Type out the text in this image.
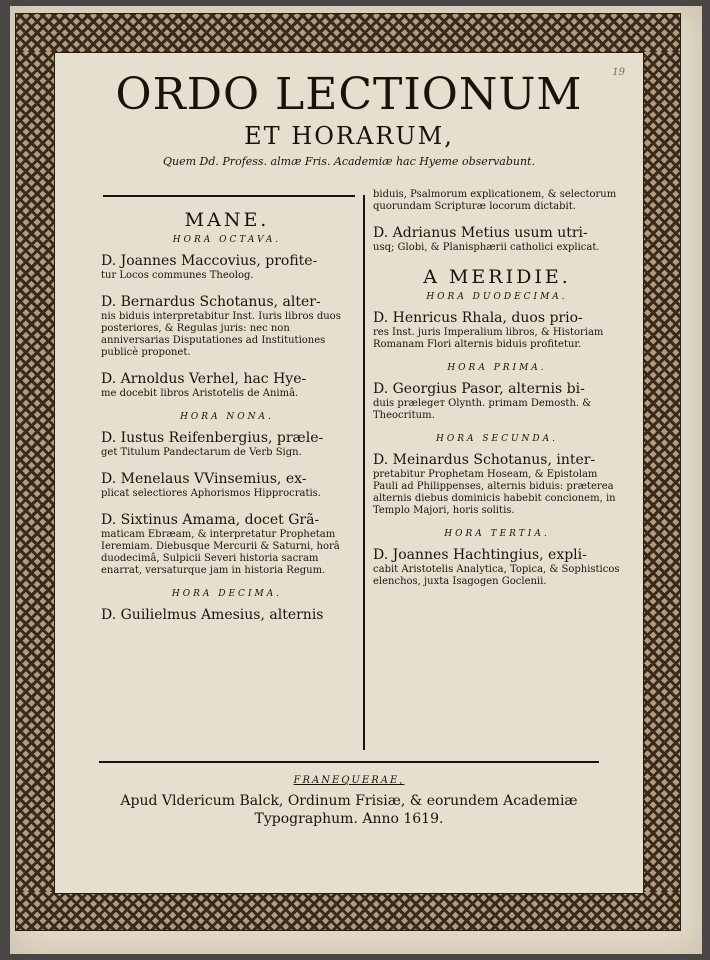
19
ORDO LECTIONUM
ET HORARUM,
Quem Dd. Profess. almæ Fris. Academiæ hac Hyeme observabunt.
MANE.
HORA OCTAVA.
D. Joannes Maccovius, profite-
tur Locos communes Theolog.
D. Bernardus Schotanus, alter-
nis biduis interpretabitur Inst. Iuris libros duos posteriores, & Regulas juris: nec non anniversarias Disputationes ad Institutiones publicè proponet.
D. Arnoldus Verhel, hac Hye-
me docebit libros Aristotelis de Animâ.
HORA NONA.
D. Iustus Reifenbergius, præle-
get Titulum Pandectarum de Verb Sign.
D. Menelaus VVinsemius, ex-
plicat selectiores Aphorismos Hipprocratis.
D. Sixtinus Amama, docet Grã-
maticam Ebræam, & interpretatur Prophetam Ieremiam. Diebusque Mercurii & Saturni, horâ duodecimâ, Sulpicii Severi historia sacram enarrat, versaturque jam in historia Regum.
HORA DECIMA.
D. Guilielmus Amesius, alternis
biduis, Psalmorum explicationem, & selectorum quorundam Scripturæ locorum dictabit.
D. Adrianus Metius usum utri-
usq; Globi, & Planisphærii catholici explicat.
A MERIDIE.
HORA DUODECIMA.
D. Henricus Rhala, duos prio-
res Inst. juris Imperalium libros, & Historiam Romanam Flori alternis biduis profitetur.
HORA PRIMA.
D. Georgius Pasor, alternis bi-
duis prælegeт Olynth. primam Demosth. & Theocritum.
HORA SECUNDA.
D. Meinardus Schotanus, inter-
pretabitur Prophetam Hoseam, & Epistolam Pauli ad Philippenses, alternis biduis: præterea alternis diebus dominicis habebit concionem, in Templo Majori, horis solitis.
HORA TERTIA.
D. Joannes Hachtingius, expli-
cabit Aristotelis Analytica, Topica, & Sophisticos elenchos, juxta Isagogen Goclenii.
FRANEQUERAE,
Apud Vldericum Balck, Ordinum Frisiæ, & eorundem Academiæ Typographum. Anno 1619.
